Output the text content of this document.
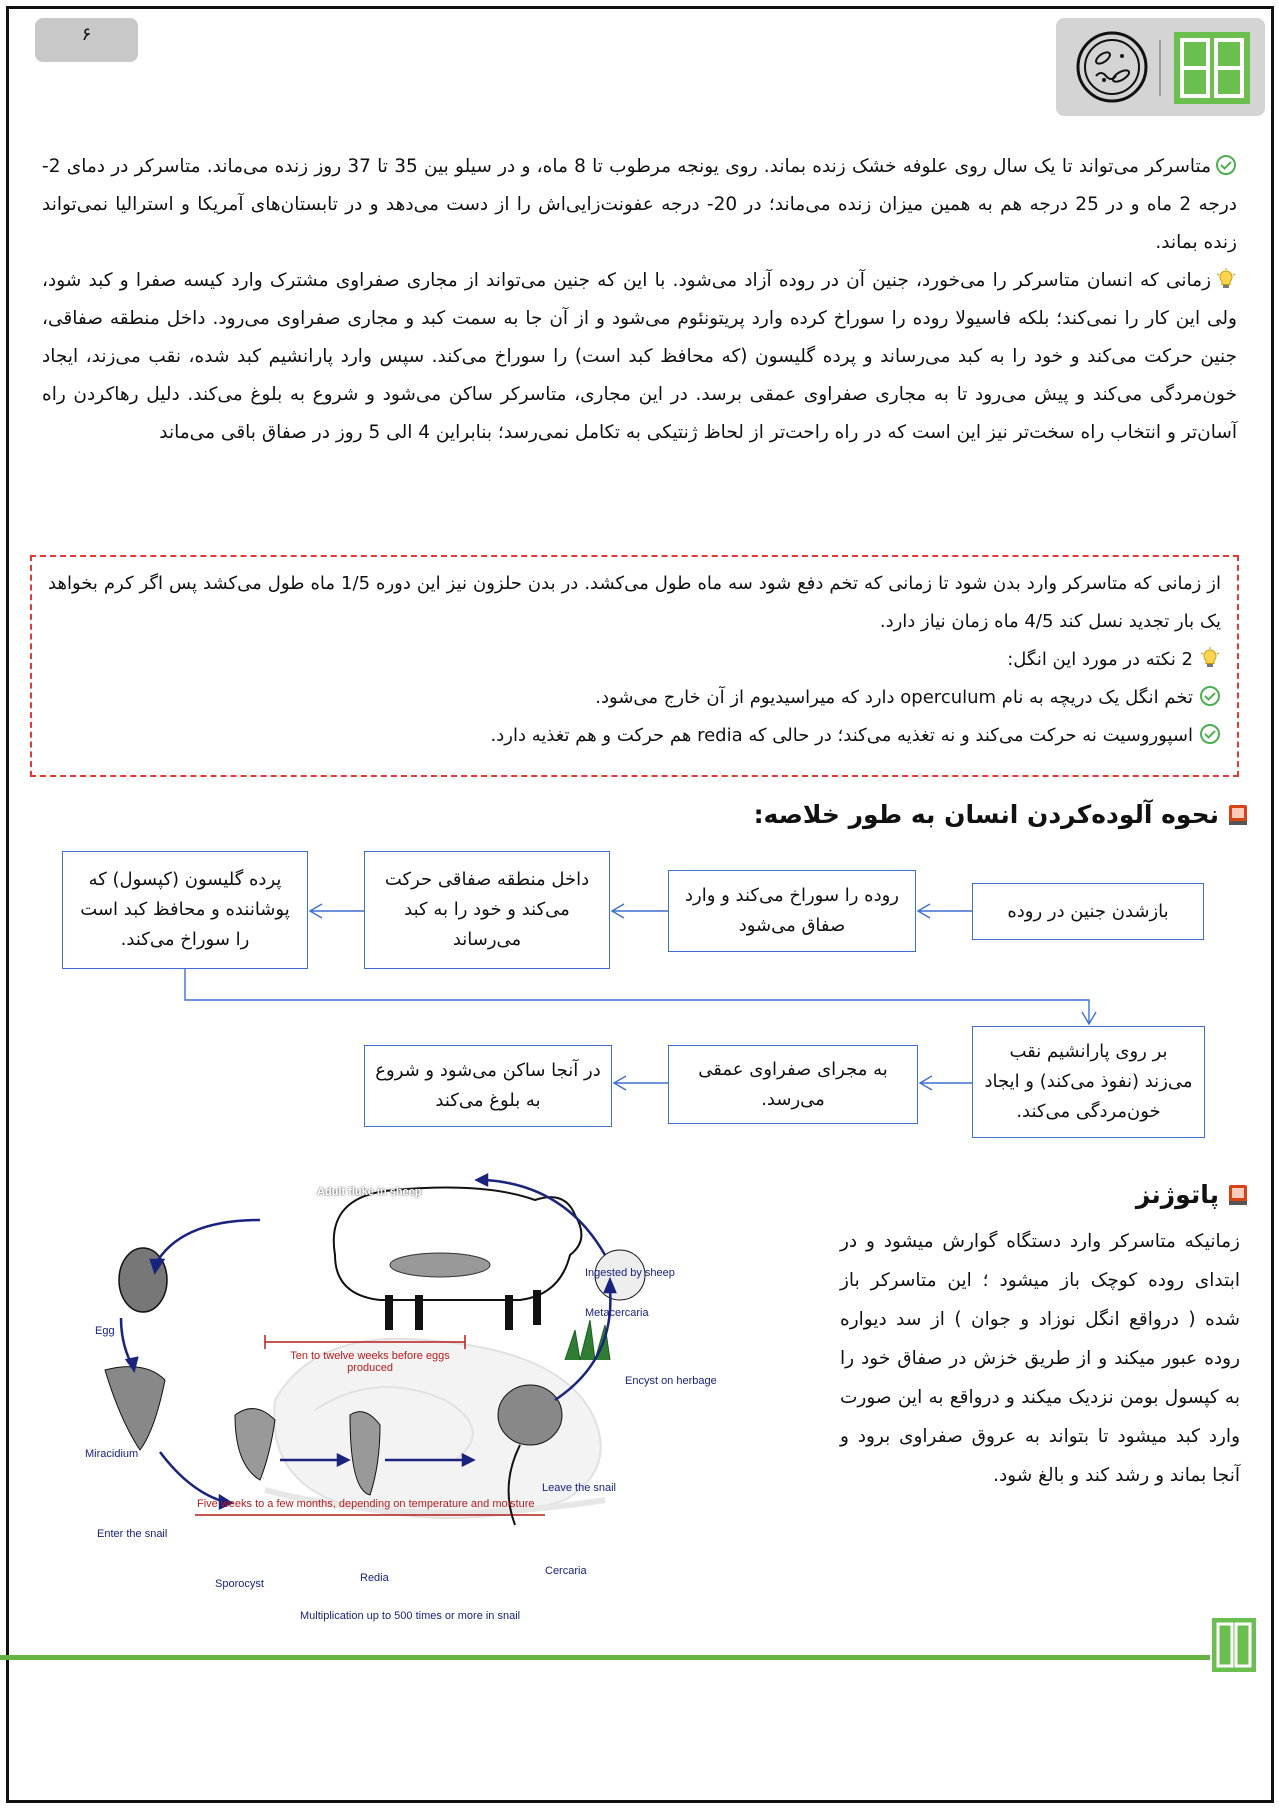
۶
متاسرکر می‌تواند تا یک سال روی علوفه خشک زنده بماند. روی یونجه مرطوب تا 8 ماه، و در سیلو بین 35 تا 37 روز زنده می‌ماند. متاسرکر در دمای 2- درجه 2 ماه و در 25 درجه هم به همین میزان زنده می‌ماند؛ در 20- درجه عفونت‌زایی‌اش را از دست می‌دهد و در تابستان‌های آمریکا و استرالیا نمی‌تواند زنده بماند.
زمانی که انسان متاسرکر را می‌خورد، جنین آن در روده آزاد می‌شود. با این که جنین می‌تواند از مجاری صفراوی مشترک وارد کیسه صفرا و کبد شود، ولی این کار را نمی‌کند؛ بلکه فاسیولا روده را سوراخ کرده وارد پریتونئوم می‌شود و از آن جا به سمت کبد و مجاری صفراوی می‌رود. داخل منطقه صفاقی، جنین حرکت می‌کند و خود را به کبد می‌رساند و پرده گلیسون (که محافظ کبد است) را سوراخ می‌کند. سپس وارد پارانشیم کبد شده، نقب می‌زند، ایجاد خون‌مردگی می‌کند و پیش می‌رود تا به مجاری صفراوی عمقی برسد. در این مجاری، متاسرکر ساکن می‌شود و شروع به بلوغ می‌کند. دلیل رهاکردن راه آسان‌تر و انتخاب راه سخت‌تر نیز این است که در راه راحت‌تر از لحاظ ژنتیکی به تکامل نمی‌رسد؛ بنابراین 4 الی 5 روز در صفاق باقی می‌ماند

از زمانی که متاسرکر وارد بدن شود تا زمانی که تخم دفع شود سه ماه طول می‌کشد. در بدن حلزون نیز این دوره 1/5 ماه طول می‌کشد پس اگر کرم بخواهد یک بار تجدید نسل کند 4/5 ماه زمان نیاز دارد.

2 نکته در مورد این انگل:
تخم انگل یک دریچه به نام operculum دارد که میراسیدیوم از آن خارج می‌شود.
اسپوروسیت نه حرکت می‌کند و نه تغذیه می‌کند؛ در حالی که redia هم حرکت و هم تغذیه دارد.
نحوه آلوده‌کردن انسان به طور خلاصه:
بازشدن جنین در روده
روده را سوراخ می‌کند و وارد صفاق می‌شود
داخل منطقه صفاقی حرکت می‌کند و خود را به کبد می‌رساند
پرده گلیسون (کپسول) که پوشاننده و محافظ کبد است را سوراخ می‌کند.
بر روی پارانشیم نقب می‌زند (نفوذ می‌کند) و ایجاد خون‌مردگی می‌کند.
به مجرای صفراوی عمقی می‌رسد.
در آنجا ساکن می‌شود و شروع به بلوغ می‌کند
پاتوژنز
زمانیکه متاسرکر وارد دستگاه گوارش میشود و در ابتدای روده کوچک باز میشود ؛ این متاسرکر باز شده ( درواقع انگل نوزاد و جوان ) از سد دیواره روده عبور میکند و از طریق خزش در صفاق خود را به کپسول بومن نزدیک میکند و درواقع به این صورت وارد کبد میشود تا بتواند به عروق صفراوی برود و آنجا بماند و رشد کند و بالغ شود.
Adult fluke in sheep
Ten to twelve weeks before eggs produced
Egg
Five weeks to a few months, depending on temperature and moisture
Miracidium
Enter the snail
Sporocyst	Redia
Cercaria
Leave the snail
Encyst on herbage
Metacercaria
Ingested by sheep
Multiplication up to 500 times or more in snail
